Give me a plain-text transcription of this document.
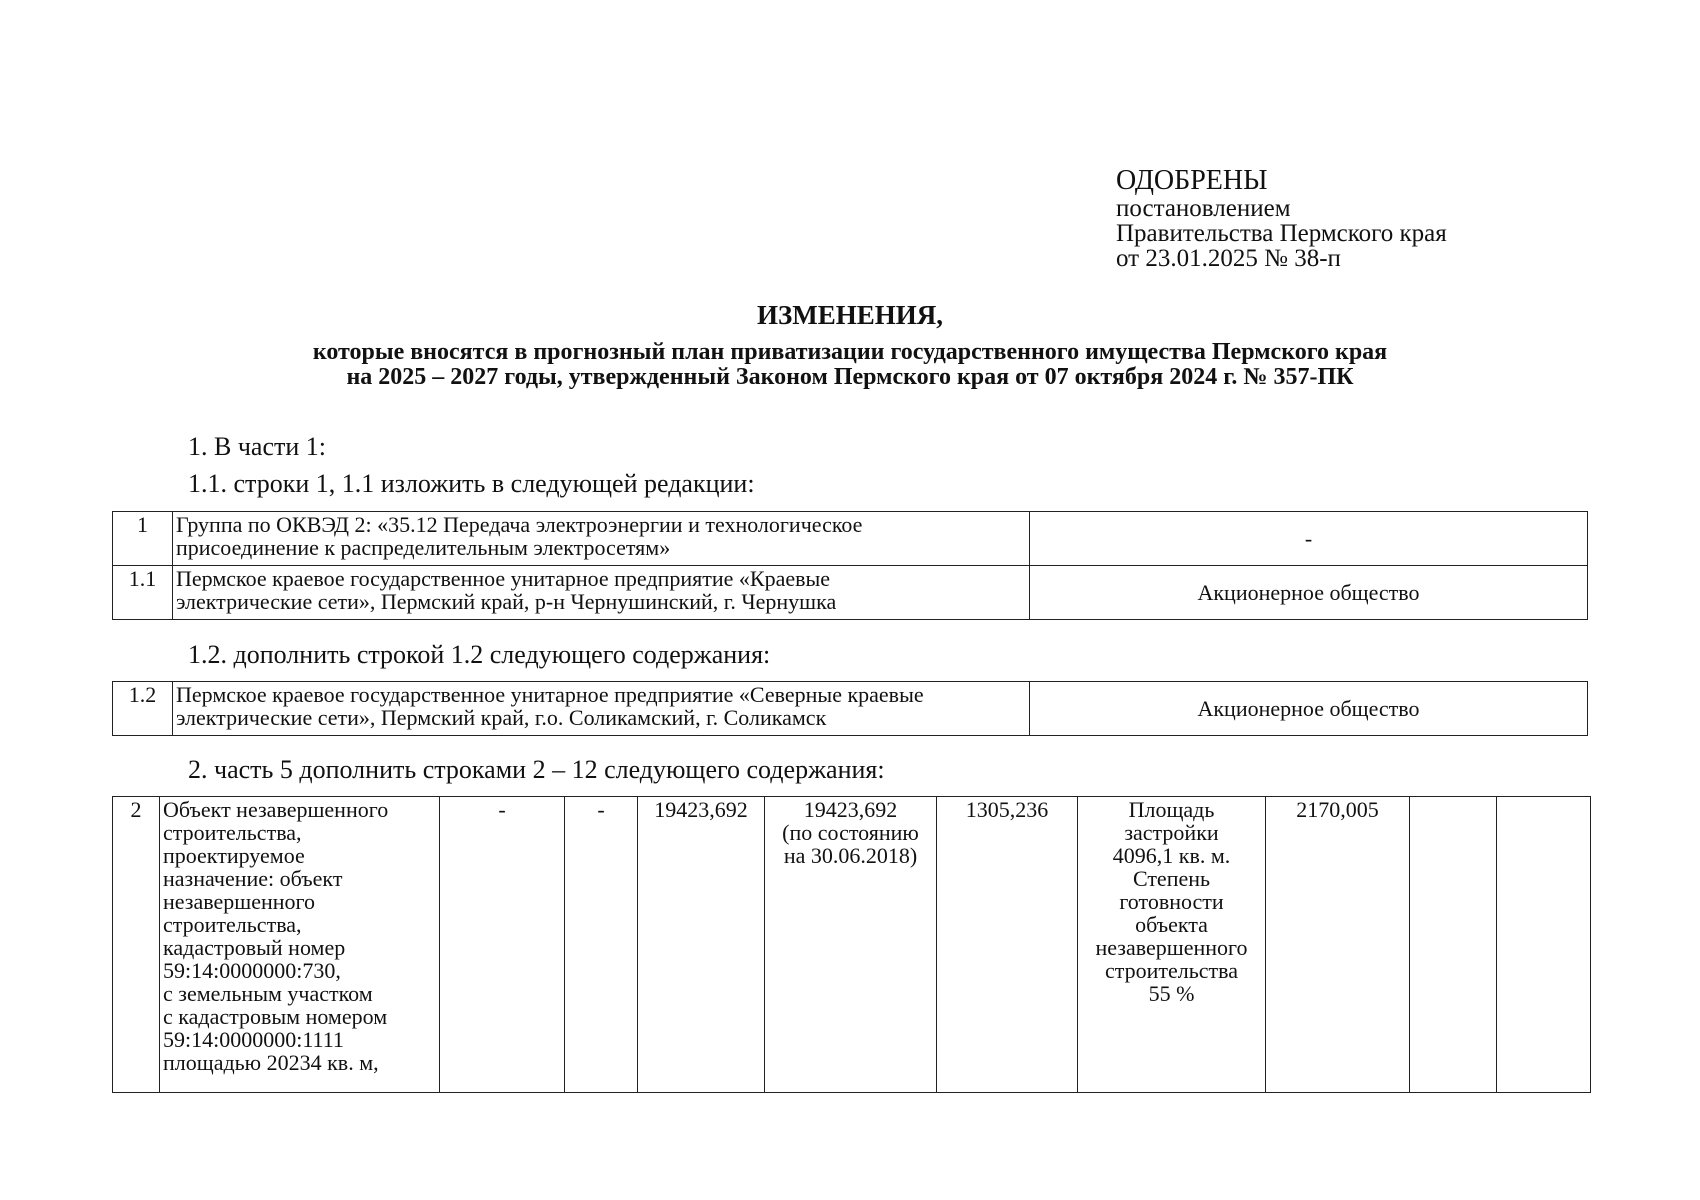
ОДОБРЕНЫ
постановлением
Правительства Пермского края
от 23.01.2025 № 38-п
ИЗМЕНЕНИЯ,
которые вносятся в прогнозный план приватизации государственного имущества Пермского края
на 2025 – 2027 годы, утвержденный Законом Пермского края от 07 октября 2024 г. № 357-ПК
1. В части 1:
1.1. строки 1, 1.1 изложить в следующей редакции:
1	Группа по ОКВЭД 2: «35.12 Передача электроэнергии и технологическое
присоединение к распределительным электросетям»	-
1.1	Пермское краевое государственное унитарное предприятие «Краевые
электрические сети», Пермский край, р-н Чернушинский, г. Чернушка	Акционерное общество
1.2. дополнить строкой 1.2 следующего содержания:
1.2	Пермское краевое государственное унитарное предприятие «Северные краевые
электрические сети», Пермский край, г.о. Соликамский, г. Соликамск	Акционерное общество
2. часть 5 дополнить строками 2 – 12 следующего содержания:
2	Объект незавершенного
строительства,
проектируемое
назначение: объект
незавершенного
строительства,
кадастровый номер
59:14:0000000:730,
с земельным участком
с кадастровым номером
59:14:0000000:1111
площадью 20234 кв. м,
	-	-	19423,692	19423,692
(по состоянию
на 30.06.2018)
	1305,236	Площадь
застройки
4096,1 кв. м.
Степень
готовности
объекта
незавершенного
строительства
55 %
	2170,005		
